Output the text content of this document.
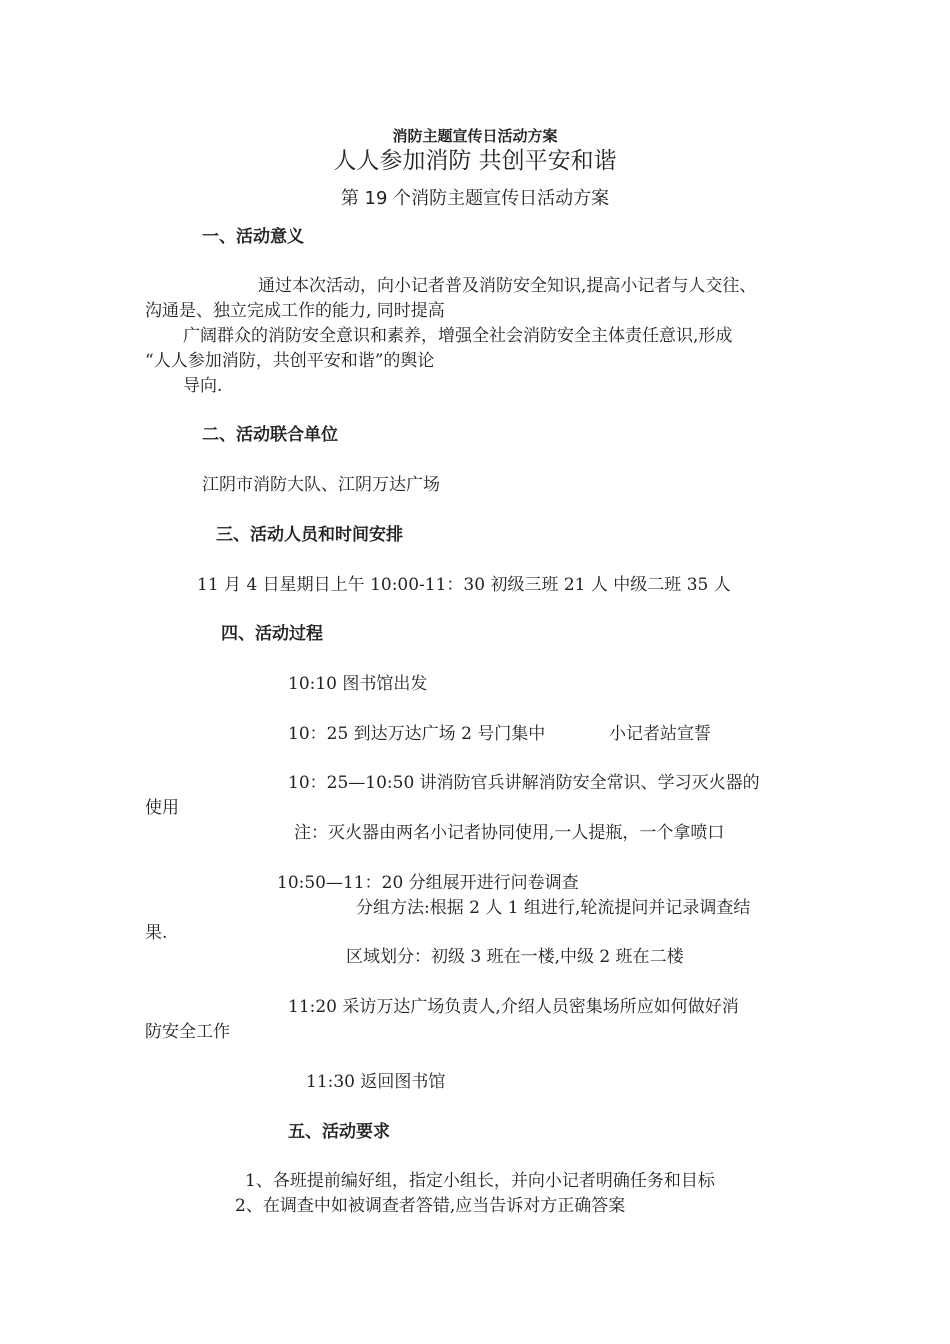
消防主题宣传日活动方案
人人参加消防 共创平安和谐
第 19 个消防主题宣传日活动方案
一、活动意义
通过本次活动，向小记者普及消防安全知识,提高小记者与人交往、
沟通是、独立完成工作的能力, 同时提高
广阔群众的消防安全意识和素养，增强全社会消防安全主体责任意识,形成
“人人参加消防，共创平安和谐”的舆论
导向.
二、活动联合单位
江阴市消防大队、江阴万达广场
三、活动人员和时间安排
11 月 4 日星期日上午 10:00-11：30 初级三班 21 人 中级二班 35 人
四、活动过程
10:10 图书馆出发
10：25 到达万达广场 2 号门集中	小记者站宣誓
10：25—10:50 讲消防官兵讲解消防安全常识、学习灭火器的
使用
注：灭火器由两名小记者协同使用,一人提瓶，一个拿喷口
10:50—11：20 分组展开进行问卷调查
分组方法:根据 2 人 1 组进行,轮流提问并记录调查结
果.
区域划分：初级 3 班在一楼,中级 2 班在二楼
11:20 采访万达广场负责人,介绍人员密集场所应如何做好消
防安全工作
11:30 返回图书馆
五、活动要求
1、各班提前编好组，指定小组长，并向小记者明确任务和目标
2、在调查中如被调查者答错,应当告诉对方正确答案
